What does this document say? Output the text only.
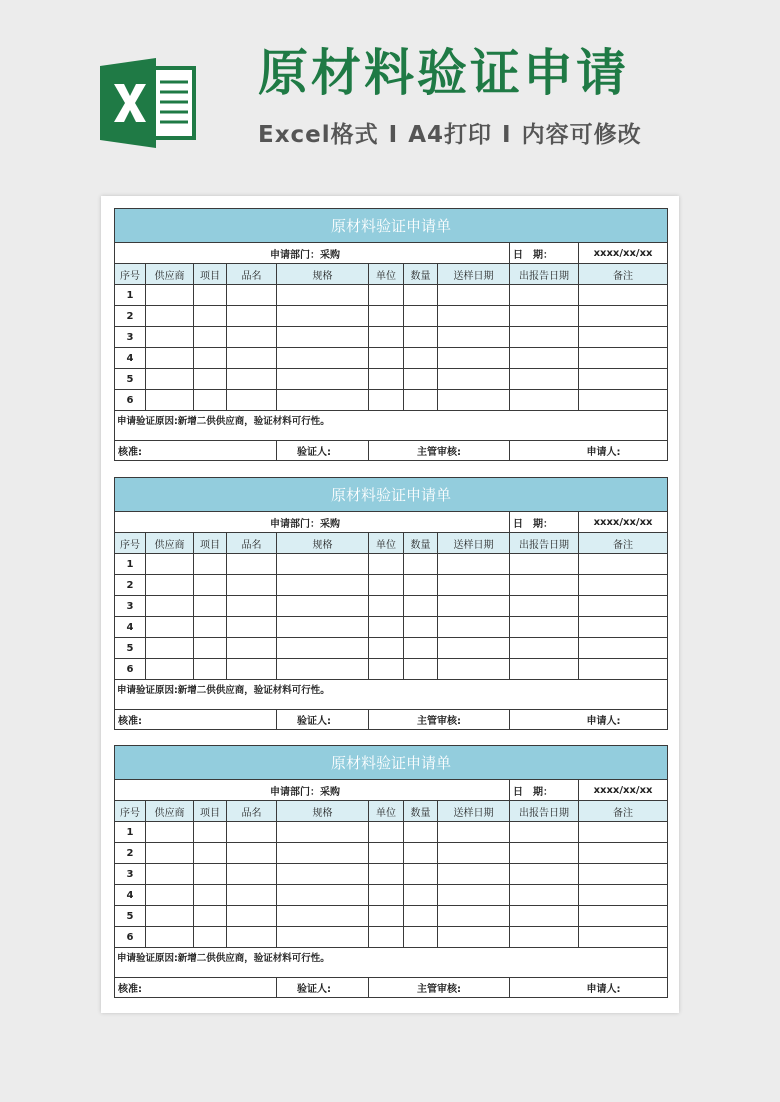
原材料验证申请
Excel格式 I A4打印 I 内容可修改
原材料验证申请单									
申请部门：采购								日　期：	xxxx/xx/xx
序号	供应商	项目	品名	规格	单位	数量	送样日期	出报告日期	备注
1									
2									
3									
4									
5									
6									
申请验证原因:新增二供供应商，验证材料可行性。									
核准:				验证人:	主管审核:			申请人:	
原材料验证申请单									
申请部门：采购								日　期：	xxxx/xx/xx
序号	供应商	项目	品名	规格	单位	数量	送样日期	出报告日期	备注
1									
2									
3									
4									
5									
6									
申请验证原因:新增二供供应商，验证材料可行性。									
核准:				验证人:	主管审核:			申请人:	
原材料验证申请单									
申请部门：采购								日　期：	xxxx/xx/xx
序号	供应商	项目	品名	规格	单位	数量	送样日期	出报告日期	备注
1									
2									
3									
4									
5									
6									
申请验证原因:新增二供供应商，验证材料可行性。									
核准:				验证人:	主管审核:			申请人:	
